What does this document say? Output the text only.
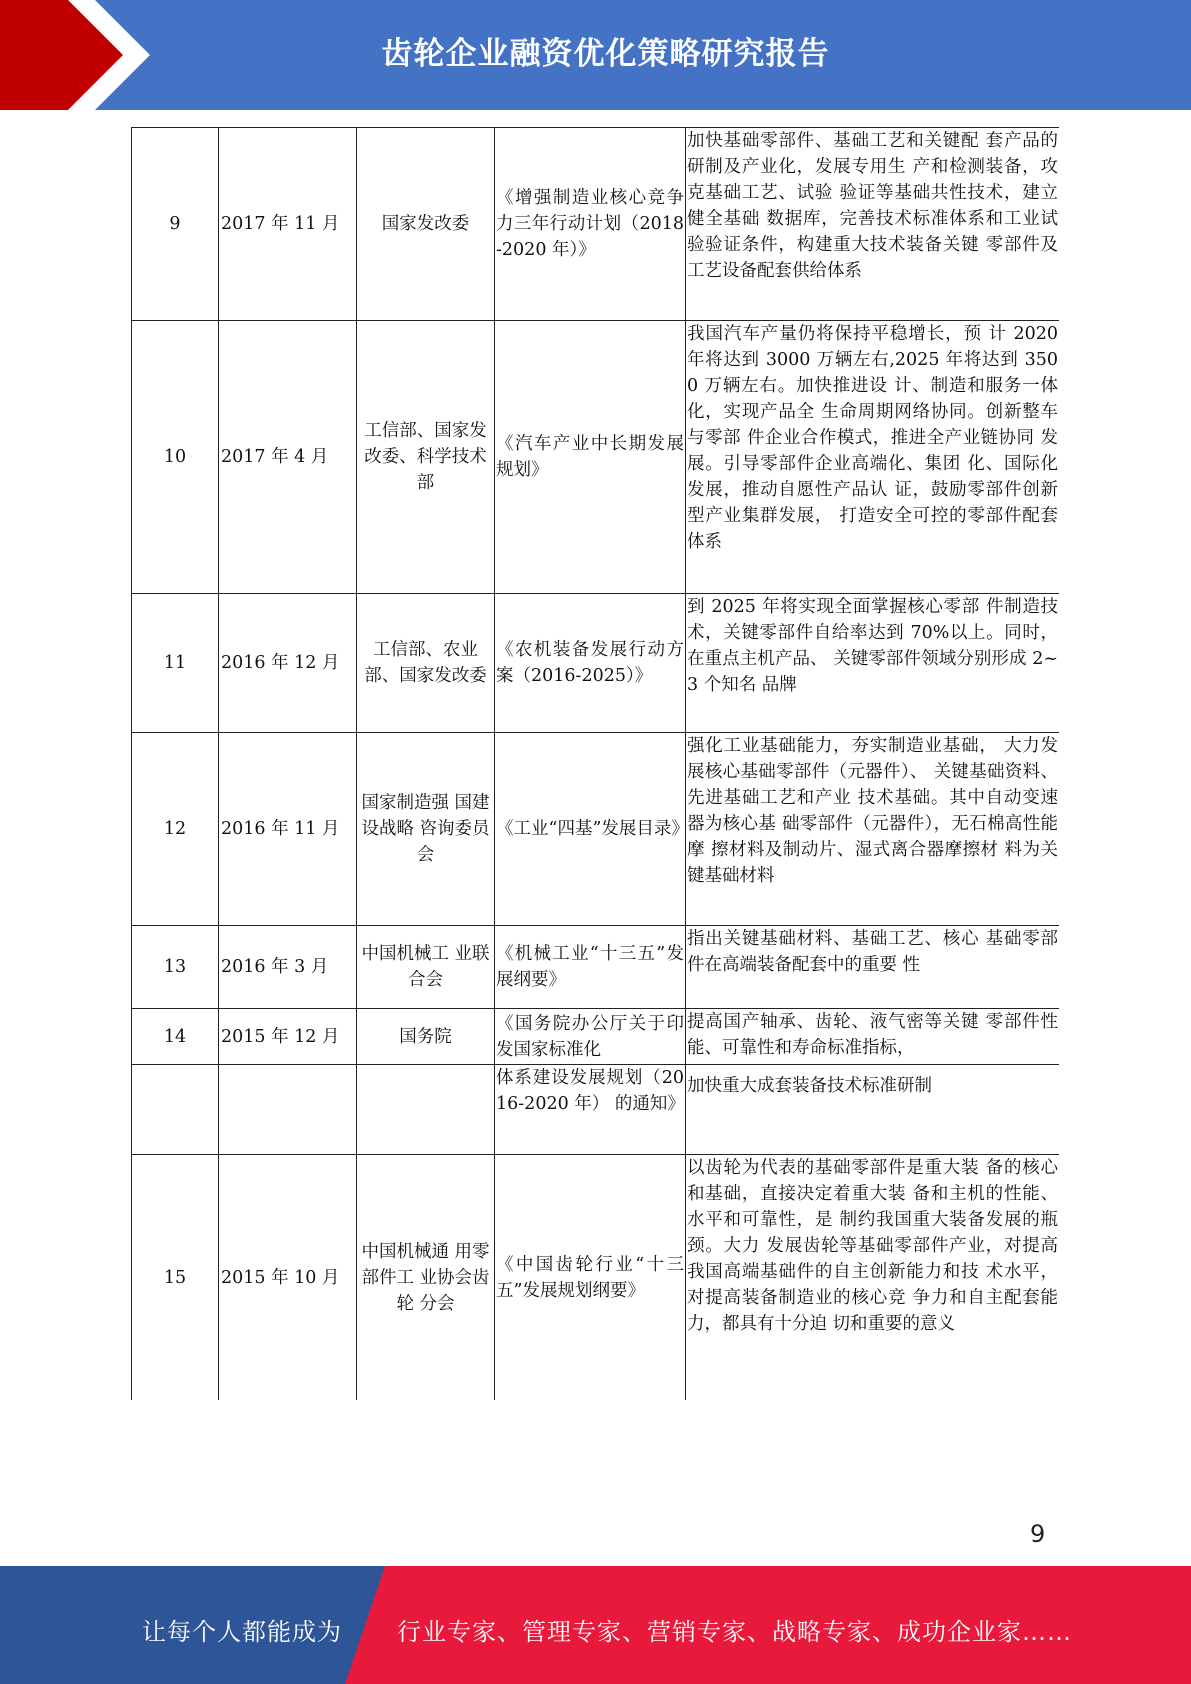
齿轮企业融资优化策略研究报告
9	2017 年 11 月	国家发改委	《增强制造业核心竞争力三年行动计划（2018-2020 年）》	加快基础零部件、基础工艺和关键配 套产品的研制及产业化，发展专用生 产和检测装备，攻克基础工艺、试验 验证等基础共性技术，建立健全基础 数据库，完善技术标准体系和工业试 验验证条件，构建重大技术装备关键 零部件及工艺设备配套供给体系
10	2017 年 4 月	工信部、国家发改委、科学技术部	《汽车产业中长期发展规划》	我国汽车产量仍将保持平稳增长，预 计 2020 年将达到 3000 万辆左右,2025 年将达到 3500 万辆左右。加快推进设 计、制造和服务一体化，实现产品全 生命周期网络协同。创新整车与零部 件企业合作模式，推进全产业链协同 发展。引导零部件企业高端化、集团 化、国际化发展，推动自愿性产品认 证，鼓励零部件创新型产业集群发展， 打造安全可控的零部件配套体系
11	2016 年 12 月	工信部、农业部、国家发改委	《农机装备发展行动方案（2016-2025）》	到 2025 年将实现全面掌握核心零部 件制造技术，关键零部件自给率达到 70%以上。同时，在重点主机产品、 关键零部件领域分别形成 2~3 个知名 品牌
12	2016 年 11 月	国家制造强 国建设战略 咨询委员会	《工业“四基”发展目录》	强化工业基础能力，夯实制造业基础， 大力发展核心基础零部件（元器件）、 关键基础资料、先进基础工艺和产业 技术基础。其中自动变速器为核心基 础零部件（元器件），无石棉高性能摩 擦材料及制动片、湿式离合器摩擦材 料为关键基础材料
13	2016 年 3 月	中国机械工 业联合会	《机械工业“十三五”发展纲要》	指出关键基础材料、基础工艺、核心 基础零部件在高端装备配套中的重要 性
14	2015 年 12 月	国务院	《国务院办公厅关于印发国家标准化	提高国产轴承、齿轮、液气密等关键 零部件性能、可靠性和寿命标准指标，
			体系建设发展规划（2016-2020 年） 的通知》	加快重大成套装备技术标准研制
15	2015 年 10 月	中国机械通 用零部件工 业协会齿轮 分会	《中国齿轮行业“十三五”发展规划纲要》	以齿轮为代表的基础零部件是重大装 备的核心和基础，直接决定着重大装 备和主机的性能、水平和可靠性，是 制约我国重大装备发展的瓶颈。大力 发展齿轮等基础零部件产业，对提高 我国高端基础件的自主创新能力和技 术水平，对提高装备制造业的核心竞 争力和自主配套能力，都具有十分迫 切和重要的意义
9
让每个人都能成为 行业专家、管理专家、营销专家、战略专家、成功企业家……
